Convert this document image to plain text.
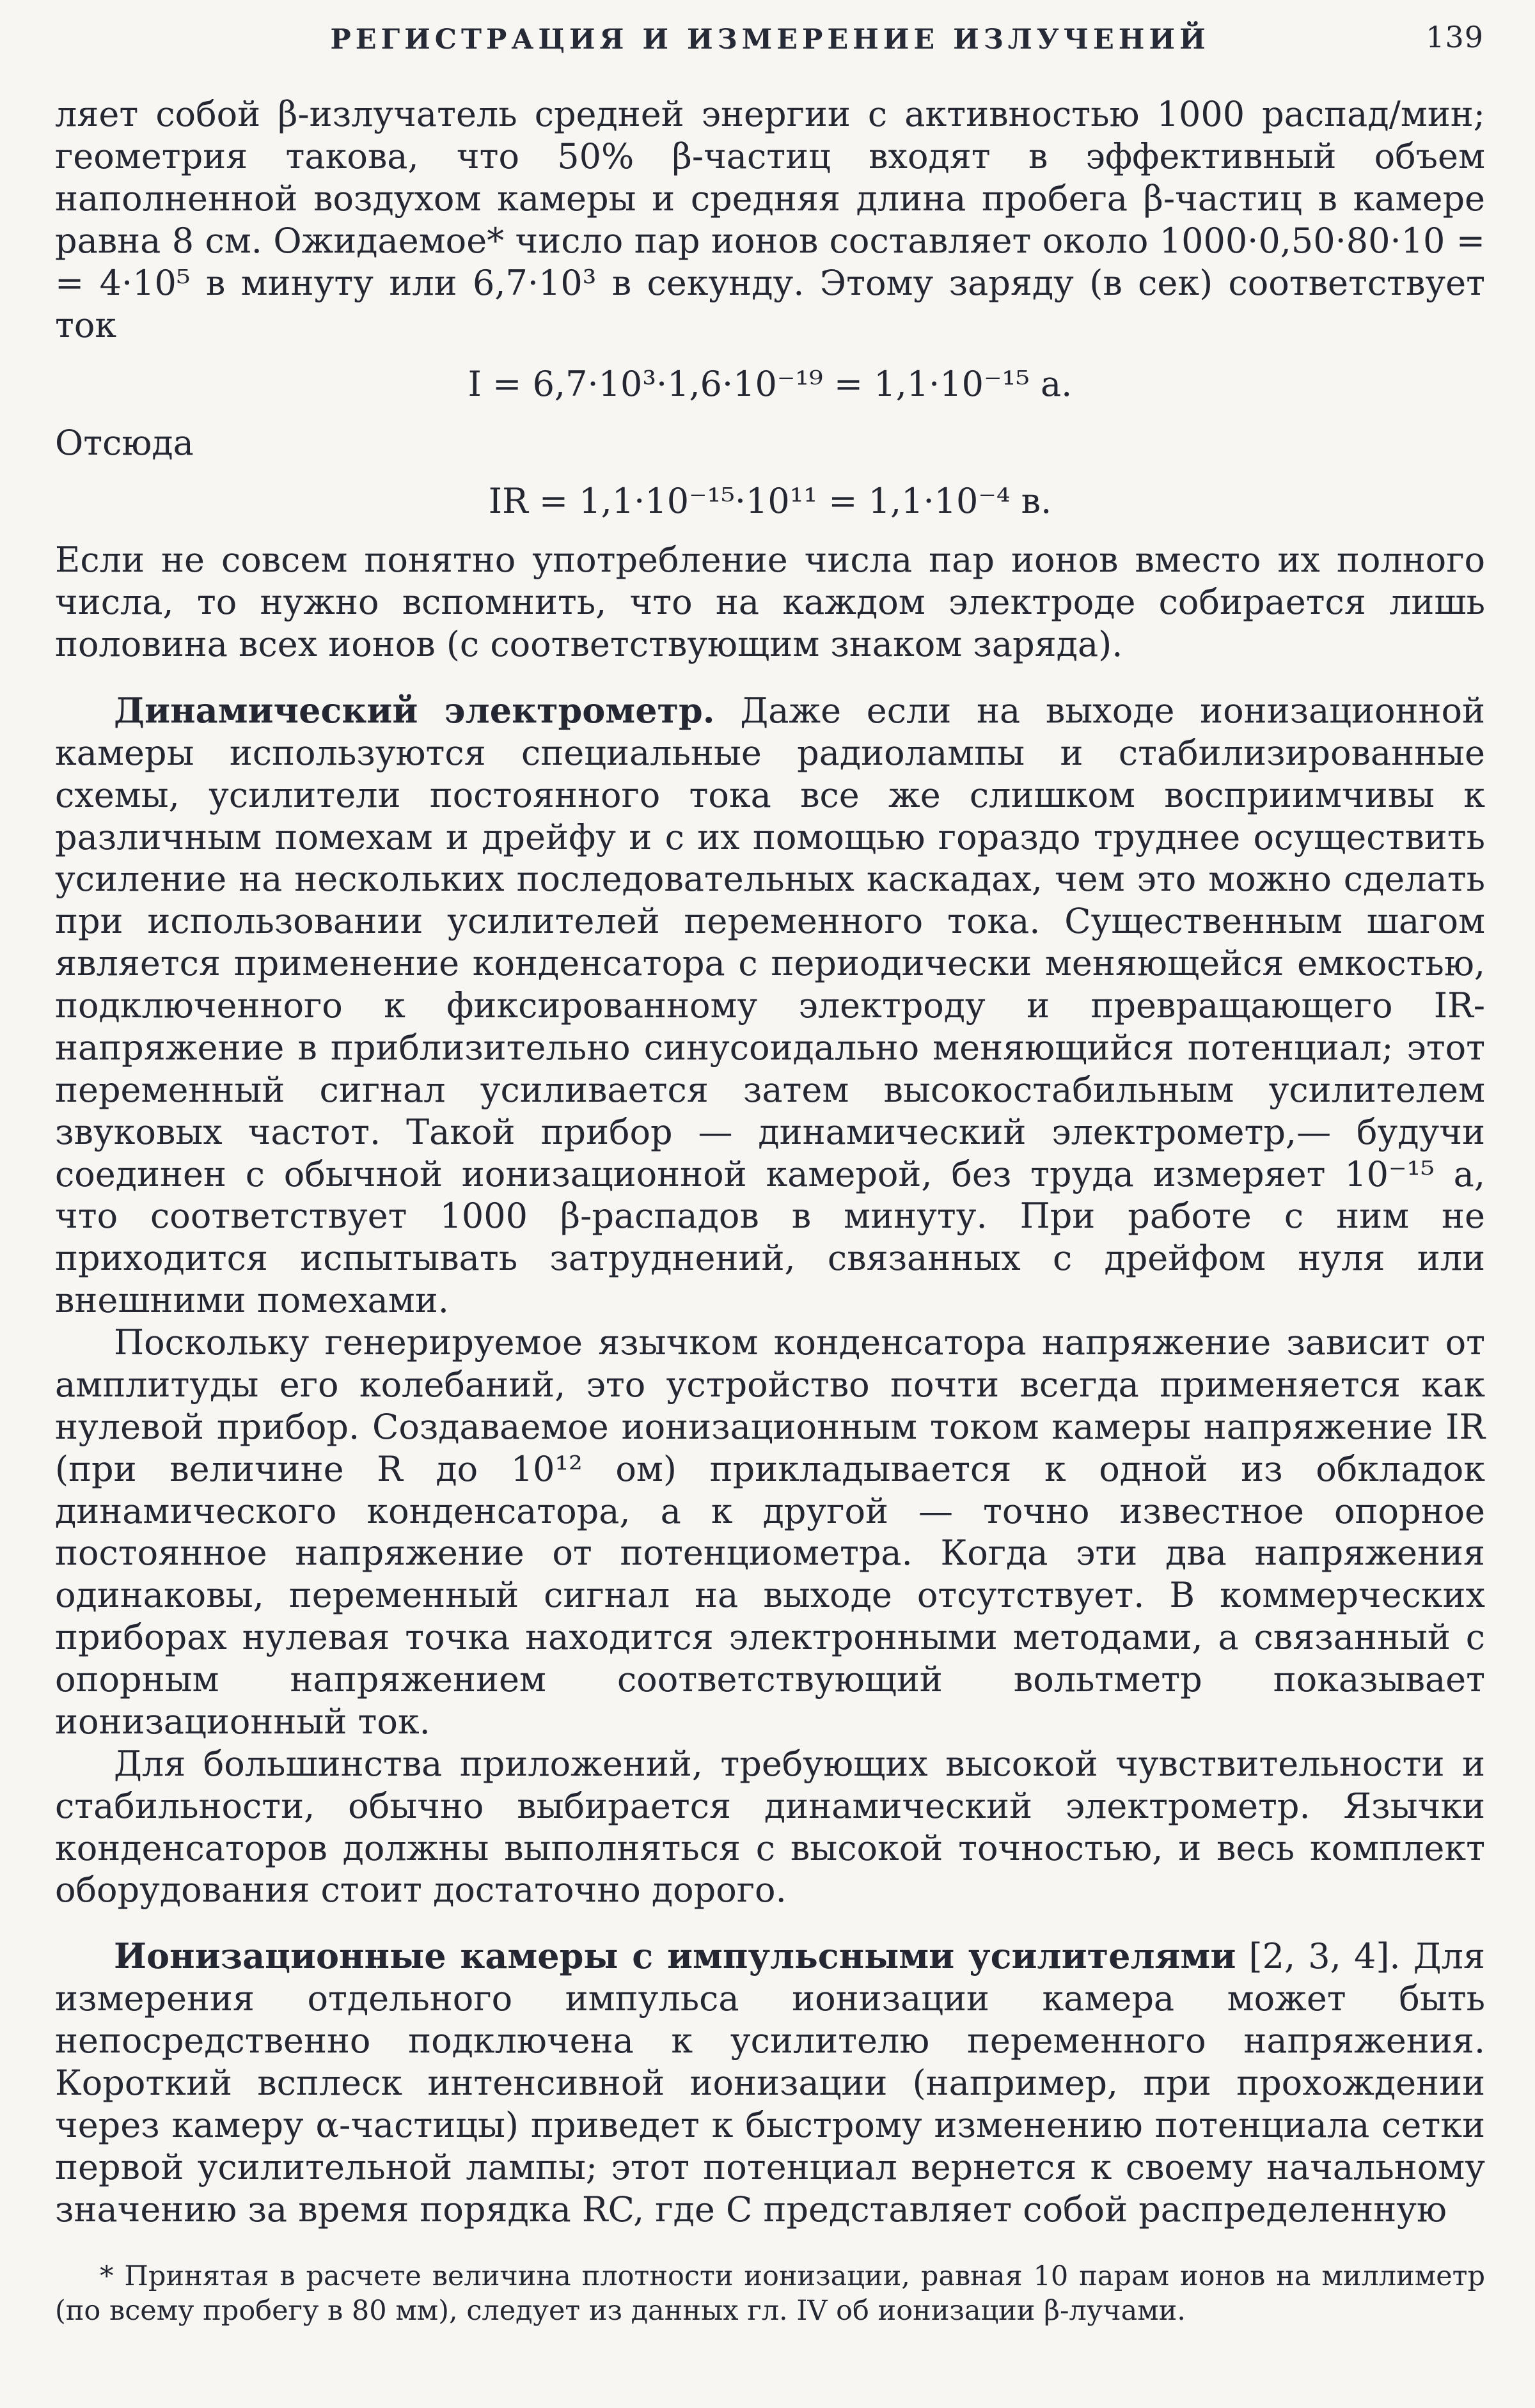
РЕГИСТРАЦИЯ И ИЗМЕРЕНИЕ ИЗЛУЧЕНИЙ	139

ляет собой β-излучатель средней энергии с активностью 1000 распад/мин; геометрия такова, что 50% β-частиц входят в эффективный объем наполненной воздухом камеры и средняя длина пробега β-частиц в камере равна 8 см. Ожидаемое* число пар ионов составляет около 1000·0,50·80·10 = = 4·10⁵ в минуту или 6,7·10³ в секунду. Этому заряду (в сек) соответствует ток

I = 6,7·10³·1,6·10⁻¹⁹ = 1,1·10⁻¹⁵ а.

Отсюда

IR = 1,1·10⁻¹⁵·10¹¹ = 1,1·10⁻⁴ в.

Если не совсем понятно употребление числа пар ионов вместо их полного числа, то нужно вспомнить, что на каждом электроде собирается лишь половина всех ионов (с соответствующим знаком заряда).

Динамический электрометр. Даже если на выходе ионизационной камеры используются специальные радиолампы и стабилизированные схемы, усилители постоянного тока все же слишком восприимчивы к различным помехам и дрейфу и с их помощью гораздо труднее осуществить усиление на нескольких последовательных каскадах, чем это можно сделать при использовании усилителей переменного тока. Существенным шагом является применение конденсатора с периодически меняющейся емкостью, подключенного к фиксированному электроду и превращающего IR-напряжение в приблизительно синусоидально меняющийся потенциал; этот переменный сигнал усиливается затем высокостабильным усилителем звуковых частот. Такой прибор — динамический электрометр,— будучи соединен с обычной ионизационной камерой, без труда измеряет 10⁻¹⁵ а, что соответствует 1000 β-распадов в минуту. При работе с ним не приходится испытывать затруднений, связанных с дрейфом нуля или внешними помехами.

Поскольку генерируемое язычком конденсатора напряжение зависит от амплитуды его колебаний, это устройство почти всегда применяется как нулевой прибор. Создаваемое ионизационным током камеры напряжение IR (при величине R до 10¹² ом) прикладывается к одной из обкладок динамического конденсатора, а к другой — точно известное опорное постоянное напряжение от потенциометра. Когда эти два напряжения одинаковы, переменный сигнал на выходе отсутствует. В коммерческих приборах нулевая точка находится электронными методами, а связанный с опорным напряжением соответствующий вольтметр показывает ионизационный ток.

Для большинства приложений, требующих высокой чувствительности и стабильности, обычно выбирается динамический электрометр. Язычки конденсаторов должны выполняться с высокой точностью, и весь комплект оборудования стоит достаточно дорого.

Ионизационные камеры с импульсными усилителями [2, 3, 4]. Для измерения отдельного импульса ионизации камера может быть непосредственно подключена к усилителю переменного напряжения. Короткий всплеск интенсивной ионизации (например, при прохождении через камеру α-частицы) приведет к быстрому изменению потенциала сетки первой усилительной лампы; этот потенциал вернется к своему начальному значению за время порядка RC, где C представляет собой распределенную

* Принятая в расчете величина плотности ионизации, равная 10 парам ионов на миллиметр (по всему пробегу в 80 мм), следует из данных гл. IV об ионизации β-лучами.
